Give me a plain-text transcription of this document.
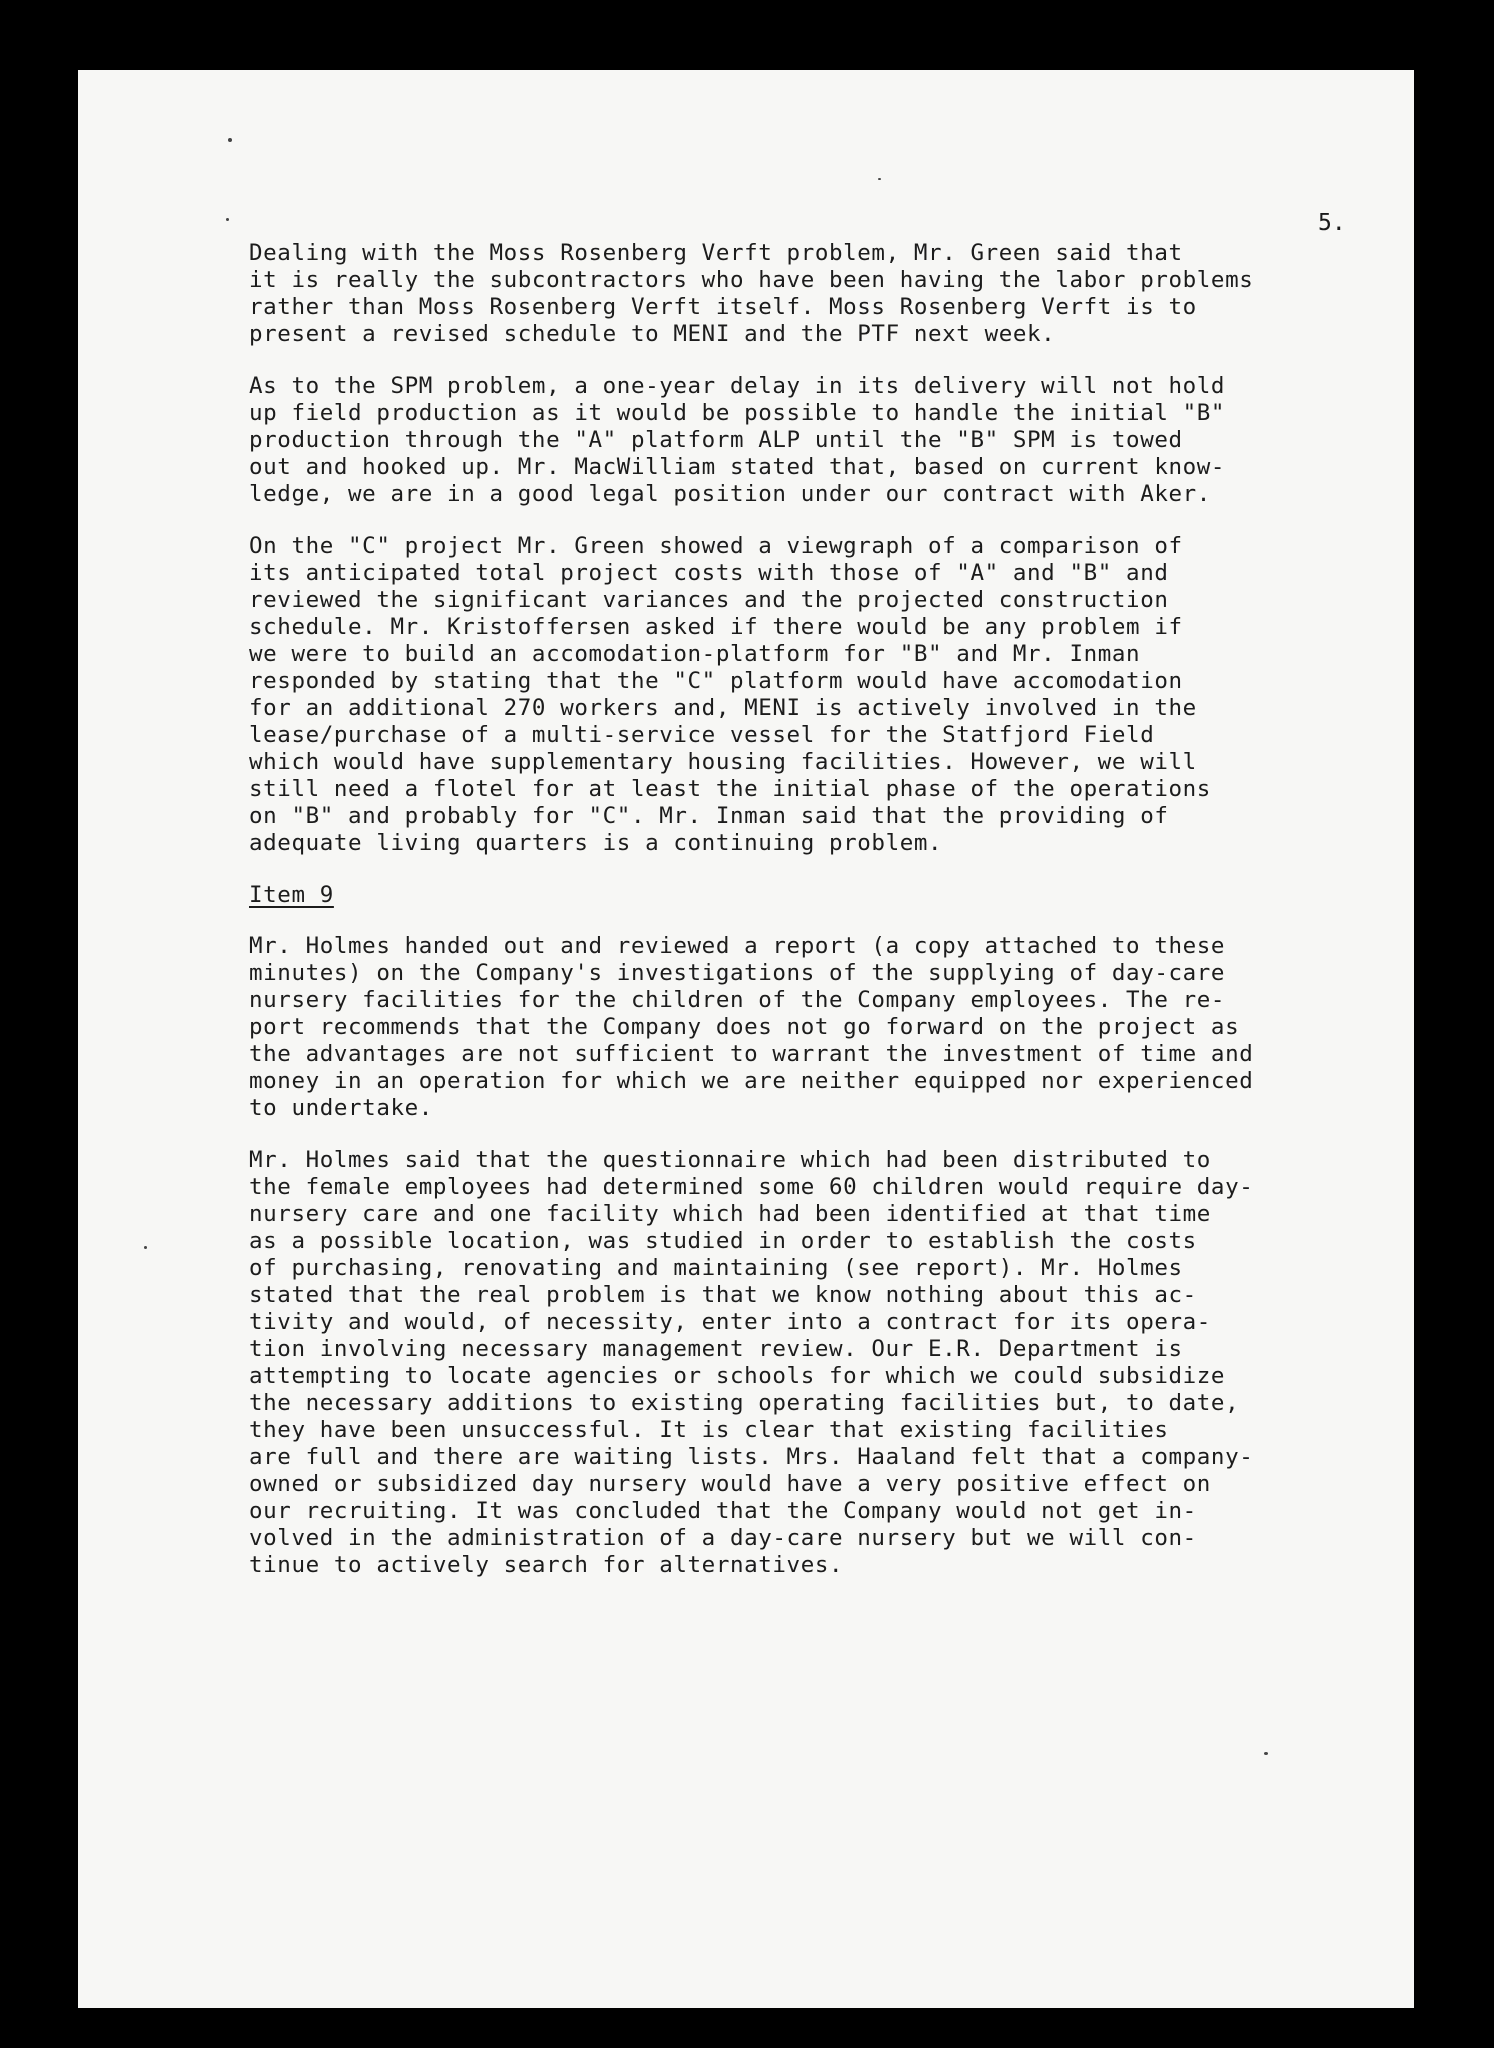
5.
Dealing with the Moss Rosenberg Verft problem, Mr. Green said that
it is really the subcontractors who have been having the labor problems
rather than Moss Rosenberg Verft itself. Moss Rosenberg Verft is to
present a revised schedule to MENI and the PTF next week.
As to the SPM problem, a one-year delay in its delivery will not hold
up field production as it would be possible to handle the initial "B"
production through the "A" platform ALP until the "B" SPM is towed
out and hooked up. Mr. MacWilliam stated that, based on current know-
ledge, we are in a good legal position under our contract with Aker.
On the "C" project Mr. Green showed a viewgraph of a comparison of
its anticipated total project costs with those of "A" and "B" and
reviewed the significant variances and the projected construction
schedule. Mr. Kristoffersen asked if there would be any problem if
we were to build an accomodation-platform for "B" and Mr. Inman
responded by stating that the "C" platform would have accomodation
for an additional 270 workers and, MENI is actively involved in the
lease/purchase of a multi-service vessel for the Statfjord Field
which would have supplementary housing facilities. However, we will
still need a flotel for at least the initial phase of the operations
on "B" and probably for "C". Mr. Inman said that the providing of
adequate living quarters is a continuing problem.
Item 9
Mr. Holmes handed out and reviewed a report (a copy attached to these
minutes) on the Company's investigations of the supplying of day-care
nursery facilities for the children of the Company employees. The re-
port recommends that the Company does not go forward on the project as
the advantages are not sufficient to warrant the investment of time and
money in an operation for which we are neither equipped nor experienced
to undertake.
Mr. Holmes said that the questionnaire which had been distributed to
the female employees had determined some 60 children would require day-
nursery care and one facility which had been identified at that time
as a possible location, was studied in order to establish the costs
of purchasing, renovating and maintaining (see report). Mr. Holmes
stated that the real problem is that we know nothing about this ac-
tivity and would, of necessity, enter into a contract for its opera-
tion involving necessary management review. Our E.R. Department is
attempting to locate agencies or schools for which we could subsidize
the necessary additions to existing operating facilities but, to date,
they have been unsuccessful. It is clear that existing facilities
are full and there are waiting lists. Mrs. Haaland felt that a company-
owned or subsidized day nursery would have a very positive effect on
our recruiting. It was concluded that the Company would not get in-
volved in the administration of a day-care nursery but we will con-
tinue to actively search for alternatives.
